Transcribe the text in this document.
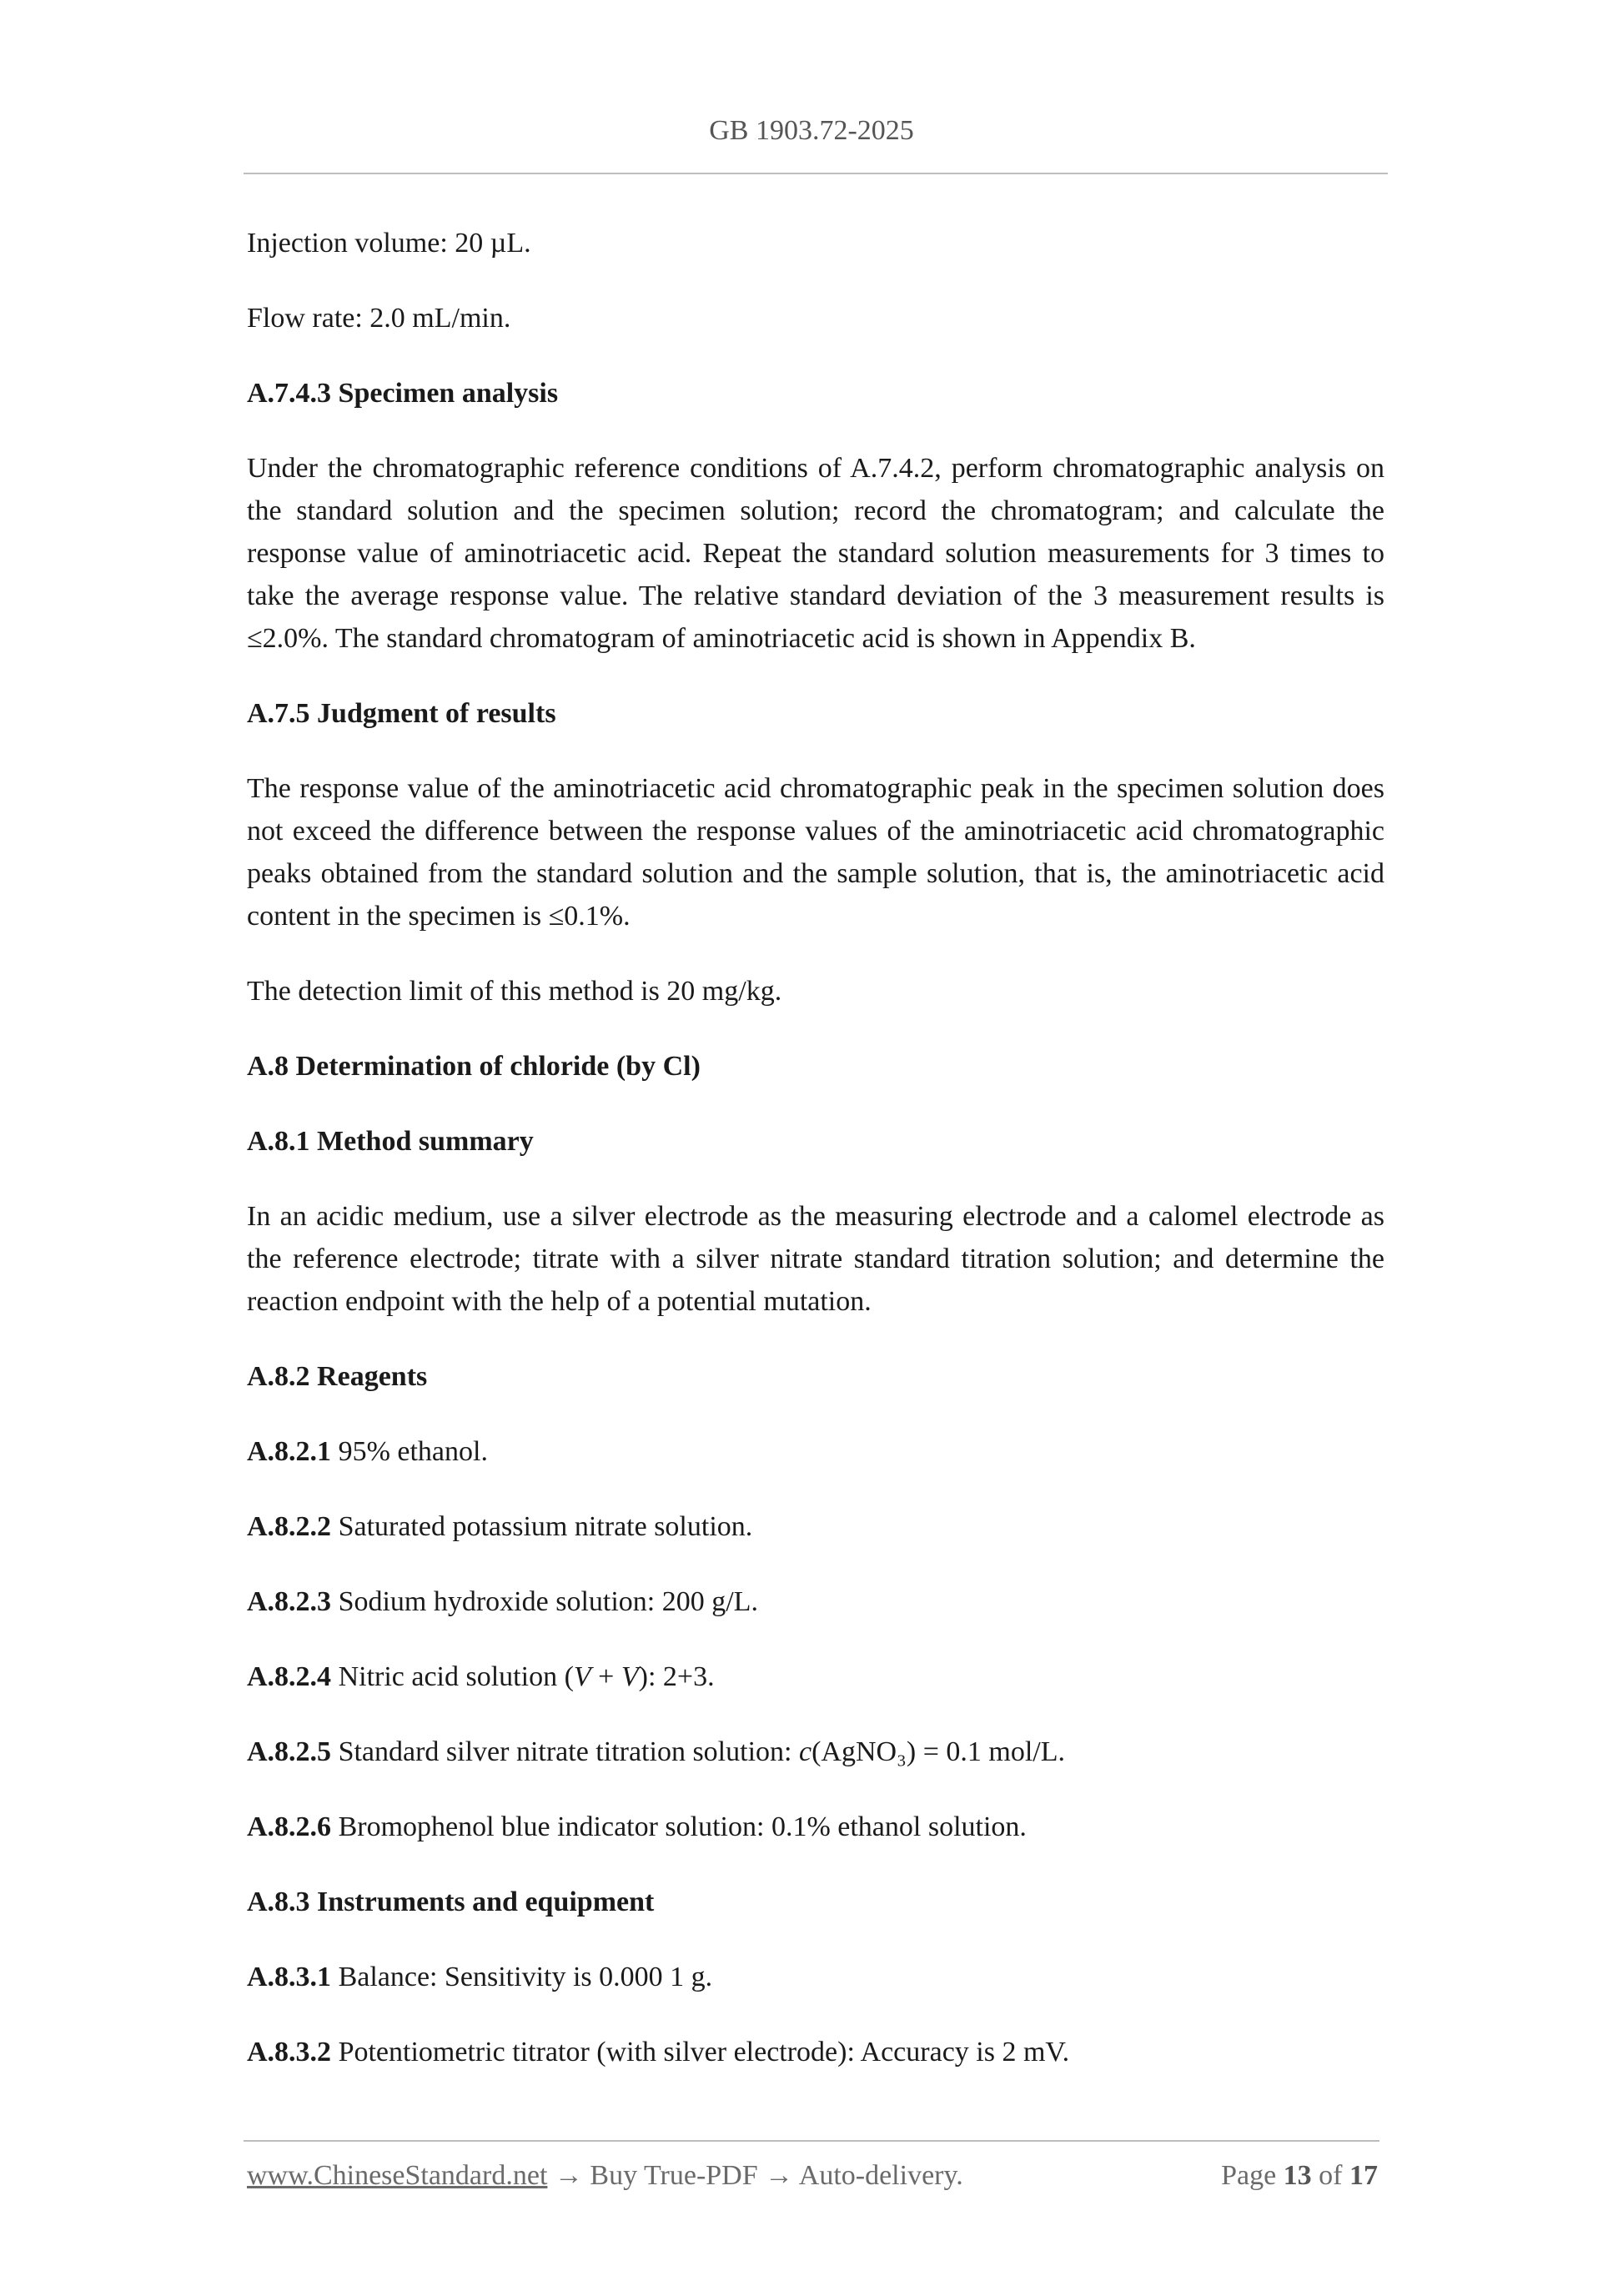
GB 1903.72-2025

Injection volume: 20 µL.

Flow rate: 2.0 mL/min.

A.7.4.3 Specimen analysis

Under the chromatographic reference conditions of A.7.4.2, perform chromatographic analysis on the standard solution and the specimen solution; record the chromatogram; and calculate the response value of aminotriacetic acid. Repeat the standard solution measurements for 3 times to take the average response value. The relative standard deviation of the 3 measurement results is ≤2.0%. The standard chromatogram of aminotriacetic acid is shown in Appendix B.

A.7.5 Judgment of results

The response value of the aminotriacetic acid chromatographic peak in the specimen solution does not exceed the difference between the response values of the aminotriacetic acid chromatographic peaks obtained from the standard solution and the sample solution, that is, the aminotriacetic acid content in the specimen is ≤0.1%.

The detection limit of this method is 20 mg/kg.

A.8 Determination of chloride (by Cl)

A.8.1 Method summary

In an acidic medium, use a silver electrode as the measuring electrode and a calomel electrode as the reference electrode; titrate with a silver nitrate standard titration solution; and determine the reaction endpoint with the help of a potential mutation.

A.8.2 Reagents

A.8.2.1 95% ethanol.

A.8.2.2 Saturated potassium nitrate solution.

A.8.2.3 Sodium hydroxide solution: 200 g/L.

A.8.2.4 Nitric acid solution (V + V): 2+3.

A.8.2.5 Standard silver nitrate titration solution: c(AgNO₃) = 0.1 mol/L.

A.8.2.6 Bromophenol blue indicator solution: 0.1% ethanol solution.

A.8.3 Instruments and equipment

A.8.3.1 Balance: Sensitivity is 0.000 1 g.

A.8.3.2 Potentiometric titrator (with silver electrode): Accuracy is 2 mV.

www.ChineseStandard.net → Buy True-PDF → Auto-delivery.	Page 13 of 17
